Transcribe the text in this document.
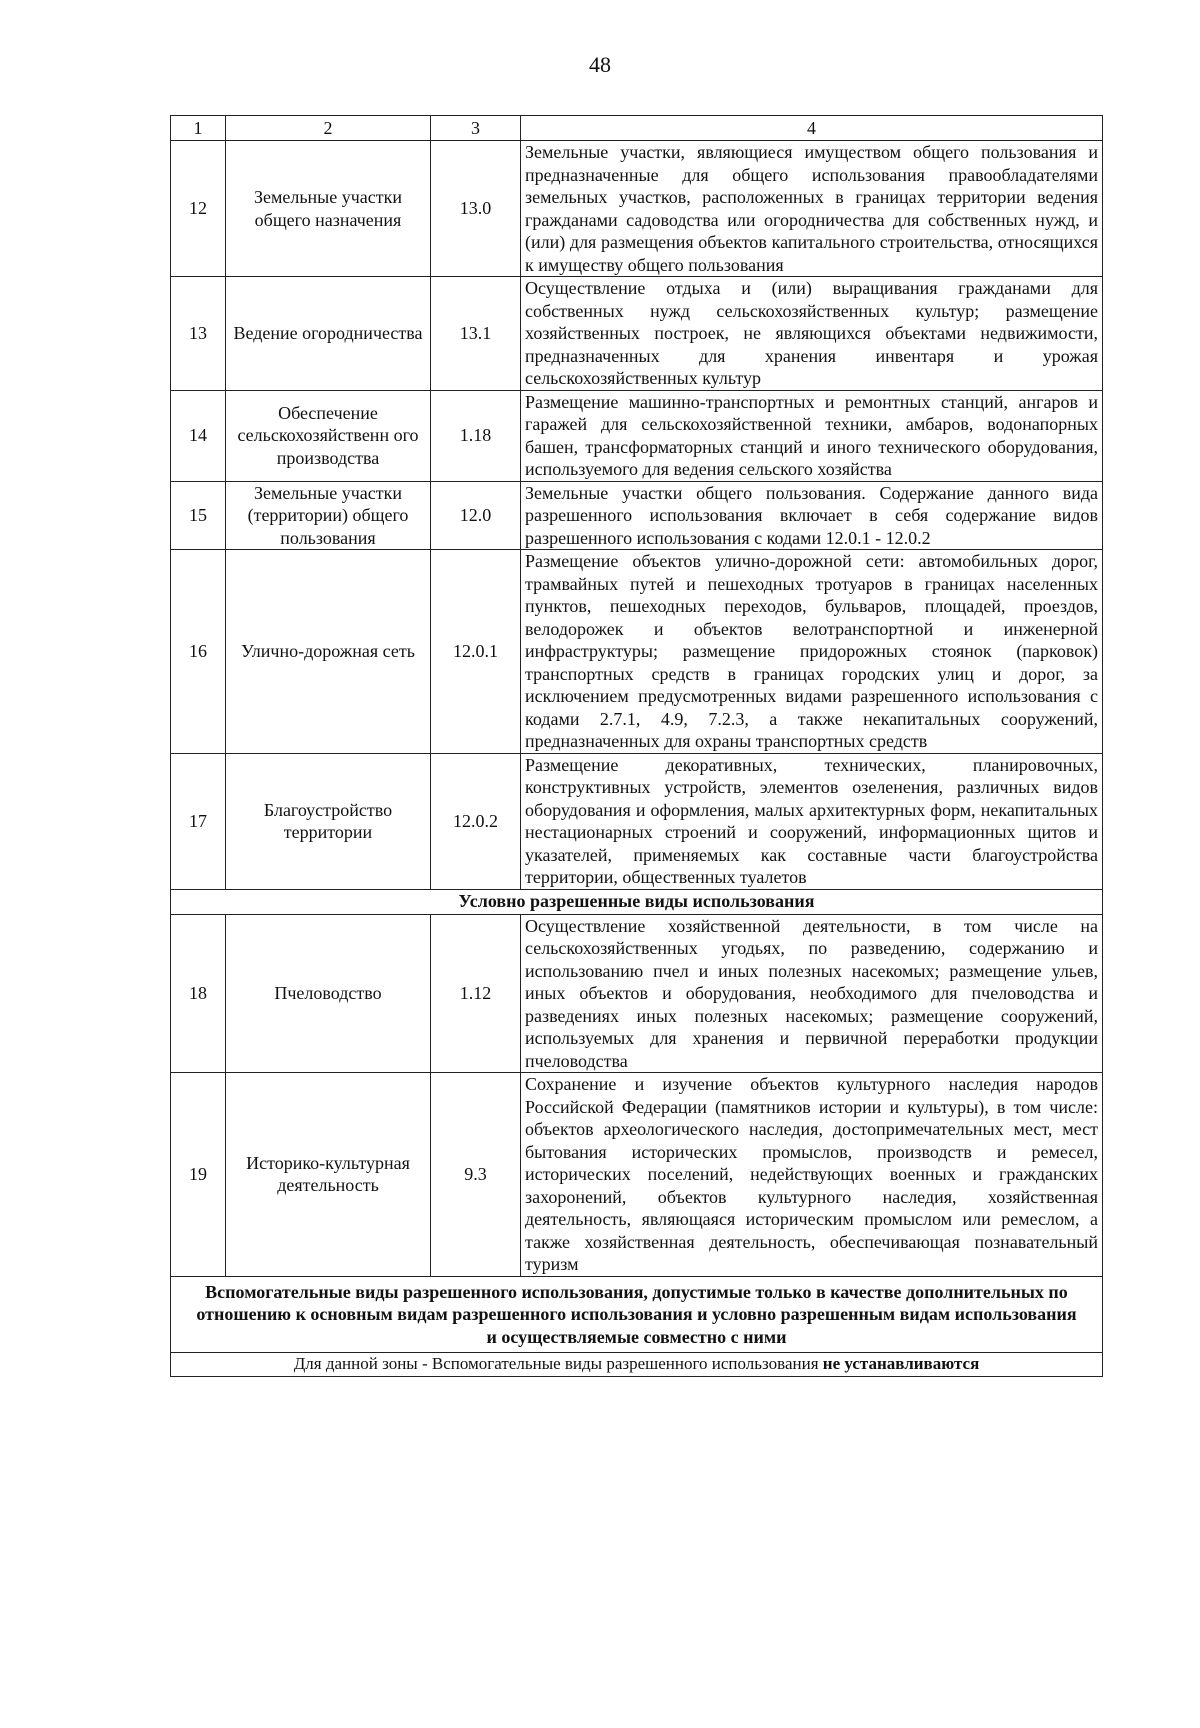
48
1	2	3	4
12	Земельные участки общего назначения	13.0	Земельные участки, являющиеся имуществом общего пользования и предназначенные для общего использования правообладателями земельных участков, расположенных в границах территории ведения гражданами садоводства или огородничества для собственных нужд, и (или) для размещения объектов капитального строительства, относящихся к имуществу общего пользования
13	Ведение огородничества	13.1	Осуществление отдыха и (или) выращивания гражданами для собственных нужд сельскохозяйственных культур; размещение хозяйственных построек, не являющихся объектами недвижимости, предназначенных для хранения инвентаря и урожая сельскохозяйственных культур
14	Обеспечение сельскохозяйственн ого производства	1.18	Размещение машинно-транспортных и ремонтных станций, ангаров и гаражей для сельскохозяйственной техники, амбаров, водонапорных башен, трансформаторных станций и иного технического оборудования, используемого для ведения сельского хозяйства
15	Земельные участки (территории) общего пользования	12.0	Земельные участки общего пользования. Содержание данного вида разрешенного использования включает в себя содержание видов разрешенного использования с кодами 12.0.1 - 12.0.2
16	Улично-дорожная сеть	12.0.1	Размещение объектов улично-дорожной сети: автомобильных дорог, трамвайных путей и пешеходных тротуаров в границах населенных пунктов, пешеходных переходов, бульваров, площадей, проездов, велодорожек и объектов велотранспортной и инженерной инфраструктуры; размещение придорожных стоянок (парковок) транспортных средств в границах городских улиц и дорог, за исключением предусмотренных видами разрешенного использования с кодами 2.7.1, 4.9, 7.2.3, а также некапитальных сооружений, предназначенных для охраны транспортных средств
17	Благоустройство территории	12.0.2	Размещение декоративных, технических, планировочных, конструктивных устройств, элементов озеленения, различных видов оборудования и оформления, малых архитектурных форм, некапитальных нестационарных строений и сооружений, информационных щитов и указателей, применяемых как составные части благоустройства территории, общественных туалетов
Условно разрешенные виды использования			
18	Пчеловодство	1.12	Осуществление хозяйственной деятельности, в том числе на сельскохозяйственных угодьях, по разведению, содержанию и использованию пчел и иных полезных насекомых; размещение ульев, иных объектов и оборудования, необходимого для пчеловодства и разведениях иных полезных насекомых; размещение сооружений, используемых для хранения и первичной переработки продукции пчеловодства
19	Историко-культурная деятельность	9.3	Сохранение и изучение объектов культурного наследия народов Российской Федерации (памятников истории и культуры), в том числе: объектов археологического наследия, достопримечательных мест, мест бытования исторических промыслов, производств и ремесел, исторических поселений, недействующих военных и гражданских захоронений, объектов культурного наследия, хозяйственная деятельность, являющаяся историческим промыслом или ремеслом, а также хозяйственная деятельность, обеспечивающая познавательный туризм
Вспомогательные виды разрешенного использования, допустимые только в качестве дополнительных по отношению к основным видам разрешенного использования и условно разрешенным видам использования и осуществляемые совместно с ними			
Для данной зоны - Вспомогательные виды разрешенного использования не устанавливаются			
